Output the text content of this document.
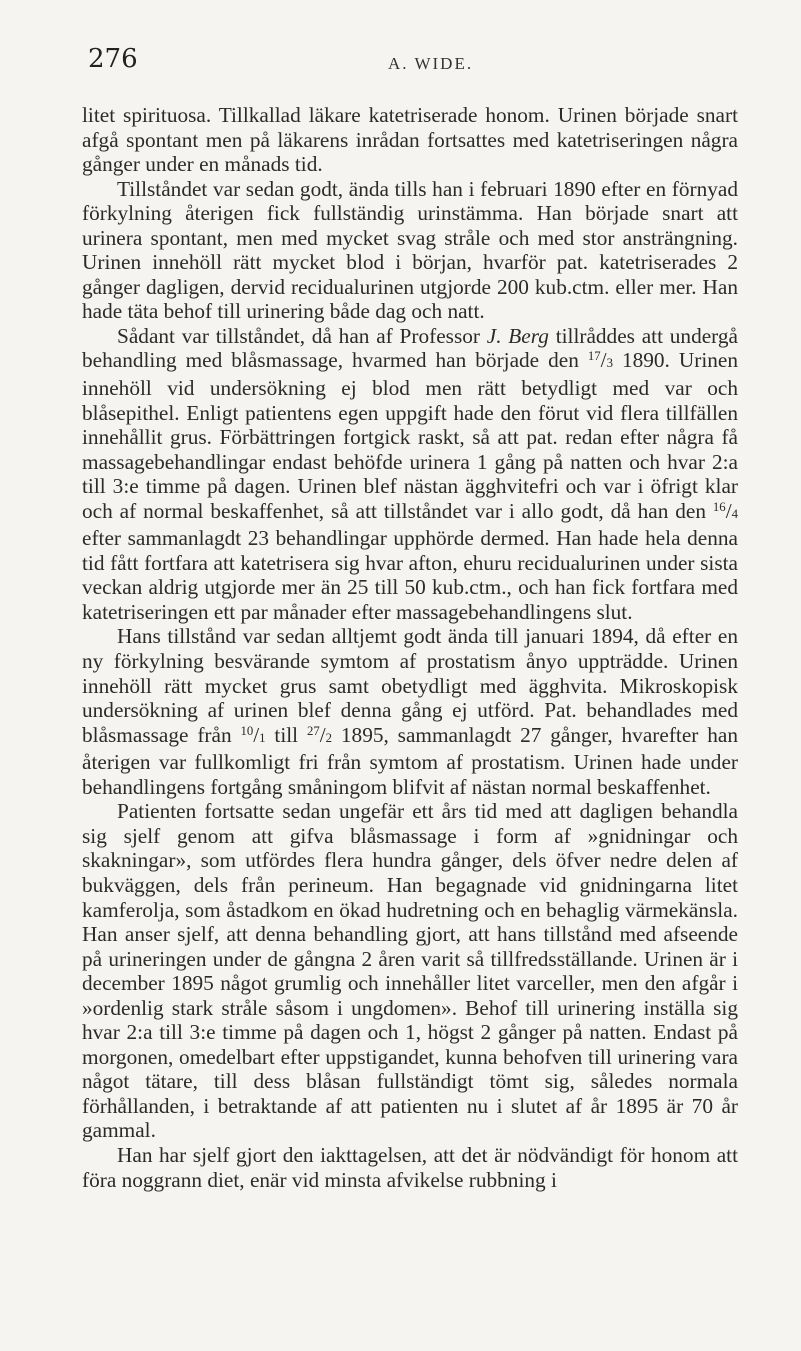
276	A. WIDE.

litet spirituosa. Tillkallad läkare katetriserade honom. Urinen började snart afgå spontant men på läkarens inrådan fortsattes med katetriseringen några gånger under en månads tid.

Tillståndet var sedan godt, ända tills han i februari 1890 efter en förnyad förkylning återigen fick fullständig urinstämma. Han började snart att urinera spontant, men med mycket svag stråle och med stor ansträngning. Urinen innehöll rätt mycket blod i början, hvarför pat. katetriserades 2 gånger dagligen, dervid recidualurinen utgjorde 200 kub.ctm. eller mer. Han hade täta behof till urinering både dag och natt.

Sådant var tillståndet, då han af Professor J. Berg tillråddes att undergå behandling med blåsmassage, hvarmed han började den $^{17}$/3 1890. Urinen innehöll vid undersökning ej blod men rätt betydligt med var och blåsepithel. Enligt patientens egen uppgift hade den förut vid flera tillfällen innehållit grus. Förbättringen fortgick raskt, så att pat. redan efter några få massagebehandlingar endast behöfde urinera 1 gång på natten och hvar 2:a till 3:e timme på dagen. Urinen blef nästan ägghvitefri och var i öfrigt klar och af normal beskaffenhet, så att tillståndet var i allo godt, då han den $^{16}$/4 efter sammanlagdt 23 behandlingar upphörde dermed. Han hade hela denna tid fått fortfara att katetrisera sig hvar afton, ehuru recidualurinen under sista veckan aldrig utgjorde mer än 25 till 50 kub.ctm., och han fick fortfara med katetriseringen ett par månader efter massagebehandlingens slut.

Hans tillstånd var sedan alltjemt godt ända till januari 1894, då efter en ny förkylning besvärande symtom af prostatism ånyo uppträdde. Urinen innehöll rätt mycket grus samt obetydligt med ägghvita. Mikroskopisk undersökning af urinen blef denna gång ej utförd. Pat. behandlades med blåsmassage från $^{10}$/1 till $^{27}$/2 1895, sammanlagdt 27 gånger, hvarefter han återigen var fullkomligt fri från symtom af prostatism. Urinen hade under behandlingens fortgång småningom blifvit af nästan normal beskaffenhet.

Patienten fortsatte sedan ungefär ett års tid med att dagligen behandla sig sjelf genom att gifva blåsmassage i form af »gnidningar och skakningar», som utfördes flera hundra gånger, dels öfver nedre delen af bukväggen, dels från perineum. Han begagnade vid gnidningarna litet kamferolja, som åstadkom en ökad hudretning och en behaglig värmekänsla. Han anser sjelf, att denna behandling gjort, att hans tillstånd med afseende på urineringen under de gångna 2 åren varit så tillfredsställande. Urinen är i december 1895 något grumlig och innehåller litet varceller, men den afgår i »ordenlig stark stråle såsom i ungdomen». Behof till urinering inställa sig hvar 2:a till 3:e timme på dagen och 1, högst 2 gånger på natten. Endast på morgonen, omedelbart efter uppstigandet, kunna behofven till urinering vara något tätare, till dess blåsan fullständigt tömt sig, således normala förhållanden, i betraktande af att patienten nu i slutet af år 1895 är 70 år gammal.

Han har sjelf gjort den iakttagelsen, att det är nödvändigt för honom att föra noggrann diet, enär vid minsta afvikelse rubbning i
